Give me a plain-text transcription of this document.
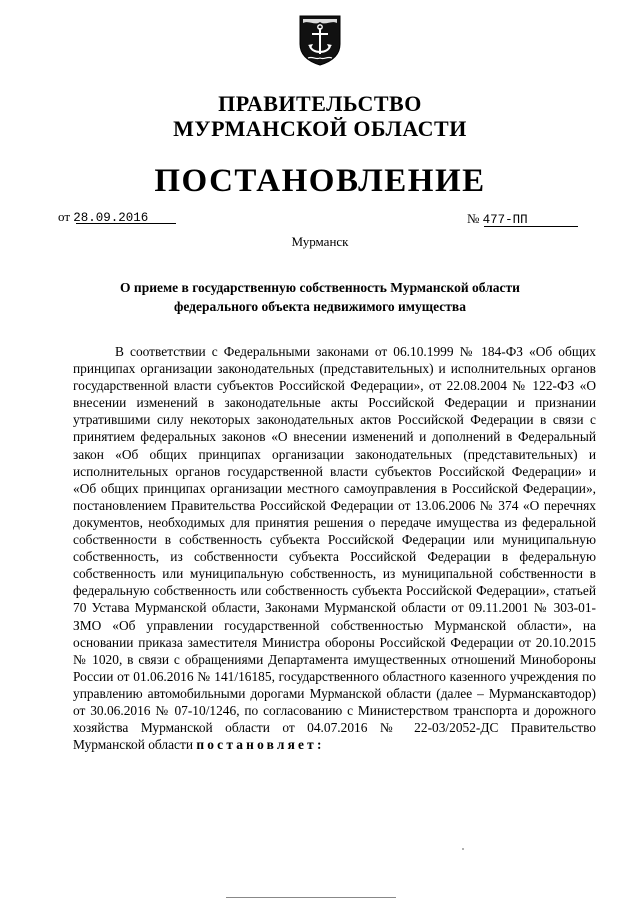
ПРАВИТЕЛЬСТВО
МУРМАНСКОЙ ОБЛАСТИ
ПОСТАНОВЛЕНИЕ
от 28.09.2016	№ 477-ПП
Мурманск
О приеме в государственную собственность Мурманской области
федерального объекта недвижимого имущества
В соответствии с Федеральными законами от 06.10.1999 № 184-ФЗ «Об общих принципах организации законодательных (представительных) и исполнительных органов государственной власти субъектов Российской Федерации», от 22.08.2004 № 122-ФЗ «О внесении изменений в законодательные акты Российской Федерации и признании утратившими силу некоторых законодательных актов Российской Федерации в связи с принятием федеральных законов «О внесении изменений и дополнений в Федеральный закон «Об общих принципах организации законодательных (представительных) и исполнительных органов государственной власти субъектов Российской Федерации» и «Об общих принципах организации местного самоуправления в Российской Федерации», постановлением Правительства Российской Федерации от 13.06.2006 № 374 «О перечнях документов, необходимых для принятия решения о передаче имущества из федеральной собственности в собственность субъекта Российской Федерации или муниципальную собственность, из собственности субъекта Российской Федерации в федеральную собственность или муниципальную собственность, из муниципальной собственности в федеральную собственность или собственность субъекта Российской Федерации», статьей 70 Устава Мурманской области, Законами Мурманской области от 09.11.2001 № 303-01-ЗМО «Об управлении государственной собственностью Мурманской области», на основании приказа заместителя Министра обороны Российской Федерации от 20.10.2015 № 1020, в связи с обращениями Департамента имущественных отношений Минобороны России от 01.06.2016 № 141/16185, государственного областного казенного учреждения по управлению автомобильными дорогами Мурманской области (далее – Мурманскавтодор) от 30.06.2016 № 07-10/1246, по согласованию с Министерством транспорта и дорожного хозяйства Мурманской области от 04.07.2016 № 22-03/2052-ДС Правительство Мурманской области постановляет:
